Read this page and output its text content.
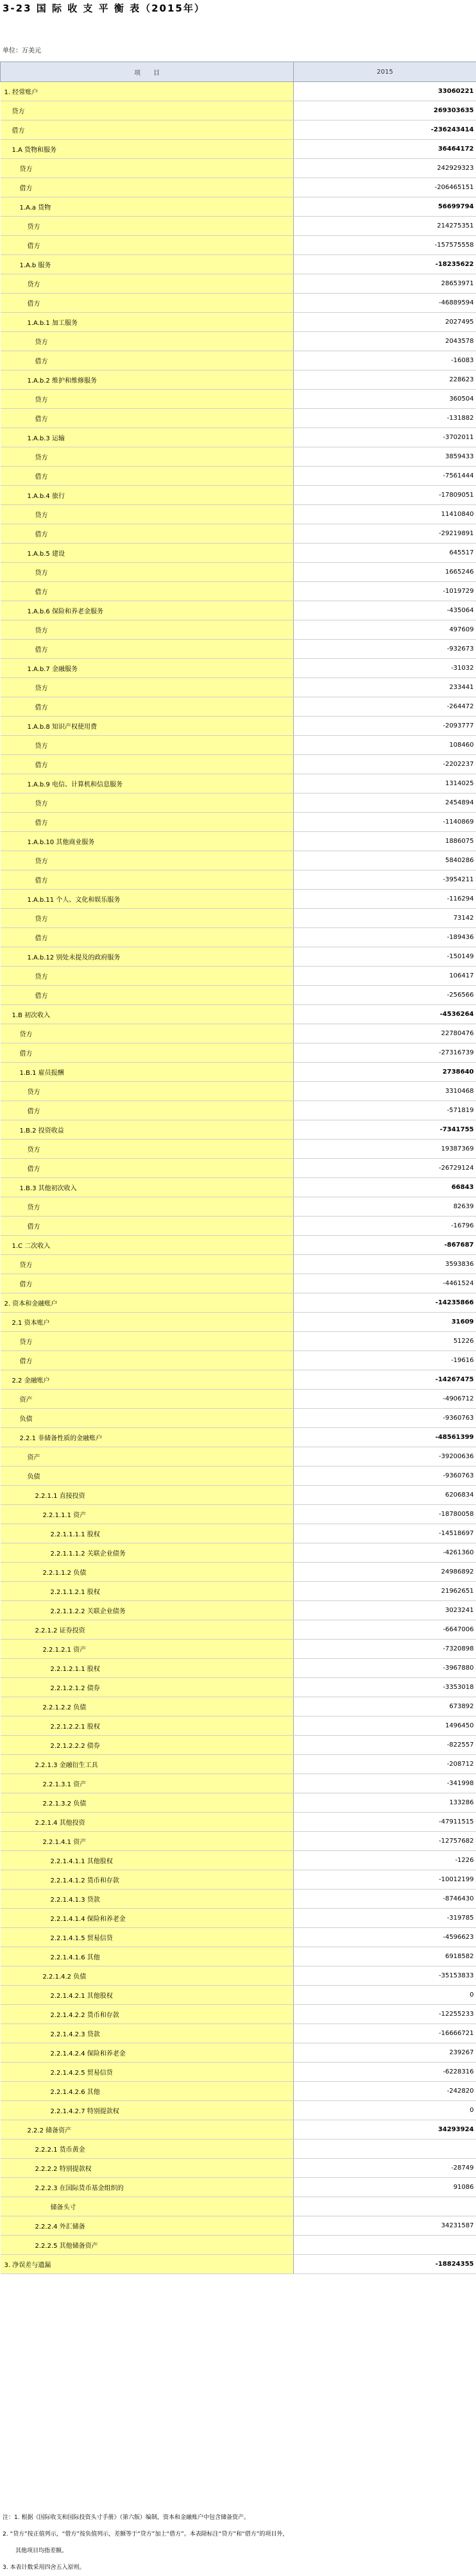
3-23 国 际 收 支 平 衡 表（2015年）
单位：万美元
项　　目	2015
1. 经常账户	33060221
贷方	269303635
借方	-236243414
1.A 货物和服务	36464172
贷方	242929323
借方	-206465151
1.A.a 货物	56699794
贷方	214275351
借方	-157575558
1.A.b 服务	-18235622
贷方	28653971
借方	-46889594
1.A.b.1 加工服务	2027495
贷方	2043578
借方	-16083
1.A.b.2 维护和维修服务	228623
贷方	360504
借方	-131882
1.A.b.3 运输	-3702011
贷方	3859433
借方	-7561444
1.A.b.4 旅行	-17809051
贷方	11410840
借方	-29219891
1.A.b.5 建设	645517
贷方	1665246
借方	-1019729
1.A.b.6 保险和养老金服务	-435064
贷方	497609
借方	-932673
1.A.b.7 金融服务	-31032
贷方	233441
借方	-264472
1.A.b.8 知识产权使用费	-2093777
贷方	108460
借方	-2202237
1.A.b.9 电信、计算机和信息服务	1314025
贷方	2454894
借方	-1140869
1.A.b.10 其他商业服务	1886075
贷方	5840286
借方	-3954211
1.A.b.11 个人、文化和娱乐服务	-116294
贷方	73142
借方	-189436
1.A.b.12 别处未提及的政府服务	-150149
贷方	106417
借方	-256566
1.B 初次收入	-4536264
贷方	22780476
借方	-27316739
1.B.1 雇员报酬	2738640
贷方	3310468
借方	-571819
1.B.2 投资收益	-7341755
贷方	19387369
借方	-26729124
1.B.3 其他初次收入	66843
贷方	82639
借方	-16796
1.C 二次收入	-867687
贷方	3593836
借方	-4461524
2. 资本和金融账户	-14235866
2.1 资本账户	31609
贷方	51226
借方	-19616
2.2 金融账户	-14267475
资产	-4906712
负债	-9360763
2.2.1 非储备性质的金融账户	-48561399
资产	-39200636
负债	-9360763
2.2.1.1 直接投资	6206834
2.2.1.1.1 资产	-18780058
2.2.1.1.1.1 股权	-14518697
2.2.1.1.1.2 关联企业债务	-4261360
2.2.1.1.2 负债	24986892
2.2.1.1.2.1 股权	21962651
2.2.1.1.2.2 关联企业债务	3023241
2.2.1.2 证券投资	-6647006
2.2.1.2.1 资产	-7320898
2.2.1.2.1.1 股权	-3967880
2.2.1.2.1.2 债券	-3353018
2.2.1.2.2 负债	673892
2.2.1.2.2.1 股权	1496450
2.2.1.2.2.2 债券	-822557
2.2.1.3 金融衍生工具	-208712
2.2.1.3.1 资产	-341998
2.2.1.3.2 负债	133286
2.2.1.4 其他投资	-47911515
2.2.1.4.1 资产	-12757682
2.2.1.4.1.1 其他股权	-1226
2.2.1.4.1.2 货币和存款	-10012199
2.2.1.4.1.3 贷款	-8746430
2.2.1.4.1.4 保险和养老金	-319785
2.2.1.4.1.5 贸易信贷	-4596623
2.2.1.4.1.6 其他	6918582
2.2.1.4.2 负债	-35153833
2.2.1.4.2.1 其他股权	0
2.2.1.4.2.2 货币和存款	-12255233
2.2.1.4.2.3 贷款	-16666721
2.2.1.4.2.4 保险和养老金	239267
2.2.1.4.2.5 贸易信贷	-6228316
2.2.1.4.2.6 其他	-242820
2.2.1.4.2.7 特别提款权	0
2.2.2 储备资产	34293924
2.2.2.1 货币黄金	
2.2.2.2 特别提款权	-28749
2.2.2.3 在国际货币基金组织的	91086
储备头寸	
2.2.2.4 外汇储备	34231587
2.2.2.5 其他储备资产	
3. 净误差与遗漏	-18824355
注：1. 根据《国际收支和国际投资头寸手册》（第六版）编制，资本和金融账户中包含储备资产。
2. “贷方”按正值列示，“借方”按负值列示，差额等于“贷方”加上“借方”。本表除标注“贷方”和“借方”的项目外，
其他项目均指差额。
3. 本表计数采用四舍五入原则。
